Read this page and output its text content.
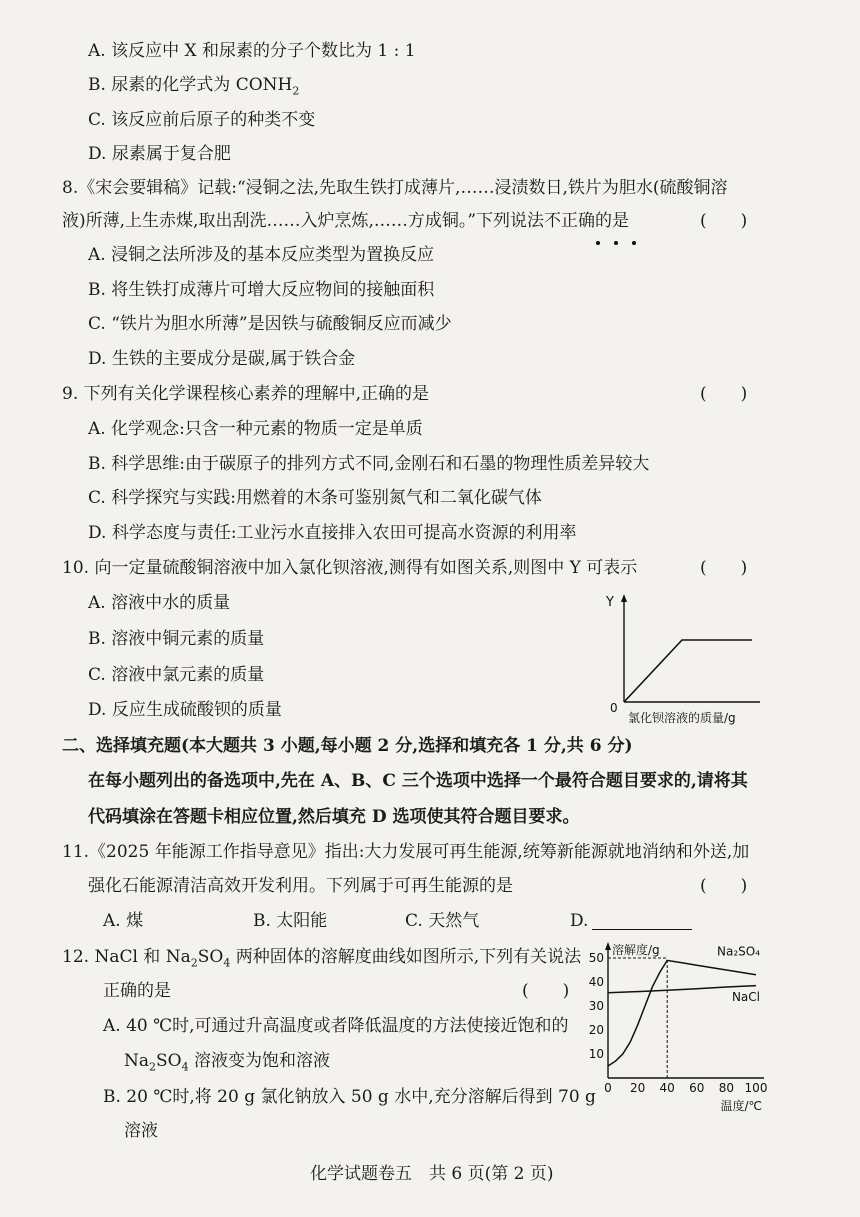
A. 该反应中 X 和尿素的分子个数比为 1 : 1
B. 尿素的化学式为 $CONH_2$
C. 该反应前后原子的种类不变
D. 尿素属于复合肥
8.《宋会要辑稿》记载:“浸铜之法,先取生铁打成薄片,……浸渍数日,铁片为胆水(硫酸铜溶
液)所薄,上生赤煤,取出刮洗……入炉烹炼,……方成铜。”下列说法不正确的是	(　　)
A. 浸铜之法所涉及的基本反应类型为置换反应
B. 将生铁打成薄片可增大反应物间的接触面积
C. “铁片为胆水所薄”是因铁与硫酸铜反应而减少
D. 生铁的主要成分是碳,属于铁合金
9. 下列有关化学课程核心素养的理解中,正确的是	(　　)
A. 化学观念:只含一种元素的物质一定是单质
B. 科学思维:由于碳原子的排列方式不同,金刚石和石墨的物理性质差异较大
C. 科学探究与实践:用燃着的木条可鉴别氮气和二氧化碳气体
D. 科学态度与责任:工业污水直接排入农田可提高水资源的利用率
10. 向一定量硫酸铜溶液中加入氯化钡溶液,测得有如图关系,则图中 Y 可表示	(　　)
A. 溶液中水的质量
B. 溶液中铜元素的质量
C. 溶液中氯元素的质量
D. 反应生成硫酸钡的质量
Y
0
氯化钡溶液的质量/g
二、选择填充题(本大题共 3 小题,每小题 2 分,选择和填充各 1 分,共 6 分)
在每小题列出的备选项中,先在 A、B、C 三个选项中选择一个最符合题目要求的,请将其
代码填涂在答题卡相应位置,然后填充 D 选项使其符合题目要求。
11.《2025 年能源工作指导意见》指出:大力发展可再生能源,统筹新能源就地消纳和外送,加
强化石能源清洁高效开发利用。下列属于可再生能源的是	(　　)
A. 煤	B. 太阳能	C. 天然气	D.
12. NaCl 和 $Na_2SO_4$ 两种固体的溶解度曲线如图所示,下列有关说法
正确的是	(　　)
A. 40 ℃时,可通过升高温度或者降低温度的方法使接近饱和的
$Na_2SO_4$ 溶液变为饱和溶液
B. 20 ℃时,将 20 g 氯化钠放入 50 g 水中,充分溶解后得到 70 g
溶液
10
20
30
40
50
0 20 40 60 80 100
Na₂SO₄
NaCl
溶解度/g
温度/℃
化学试题卷五　共 6 页(第 2 页)
